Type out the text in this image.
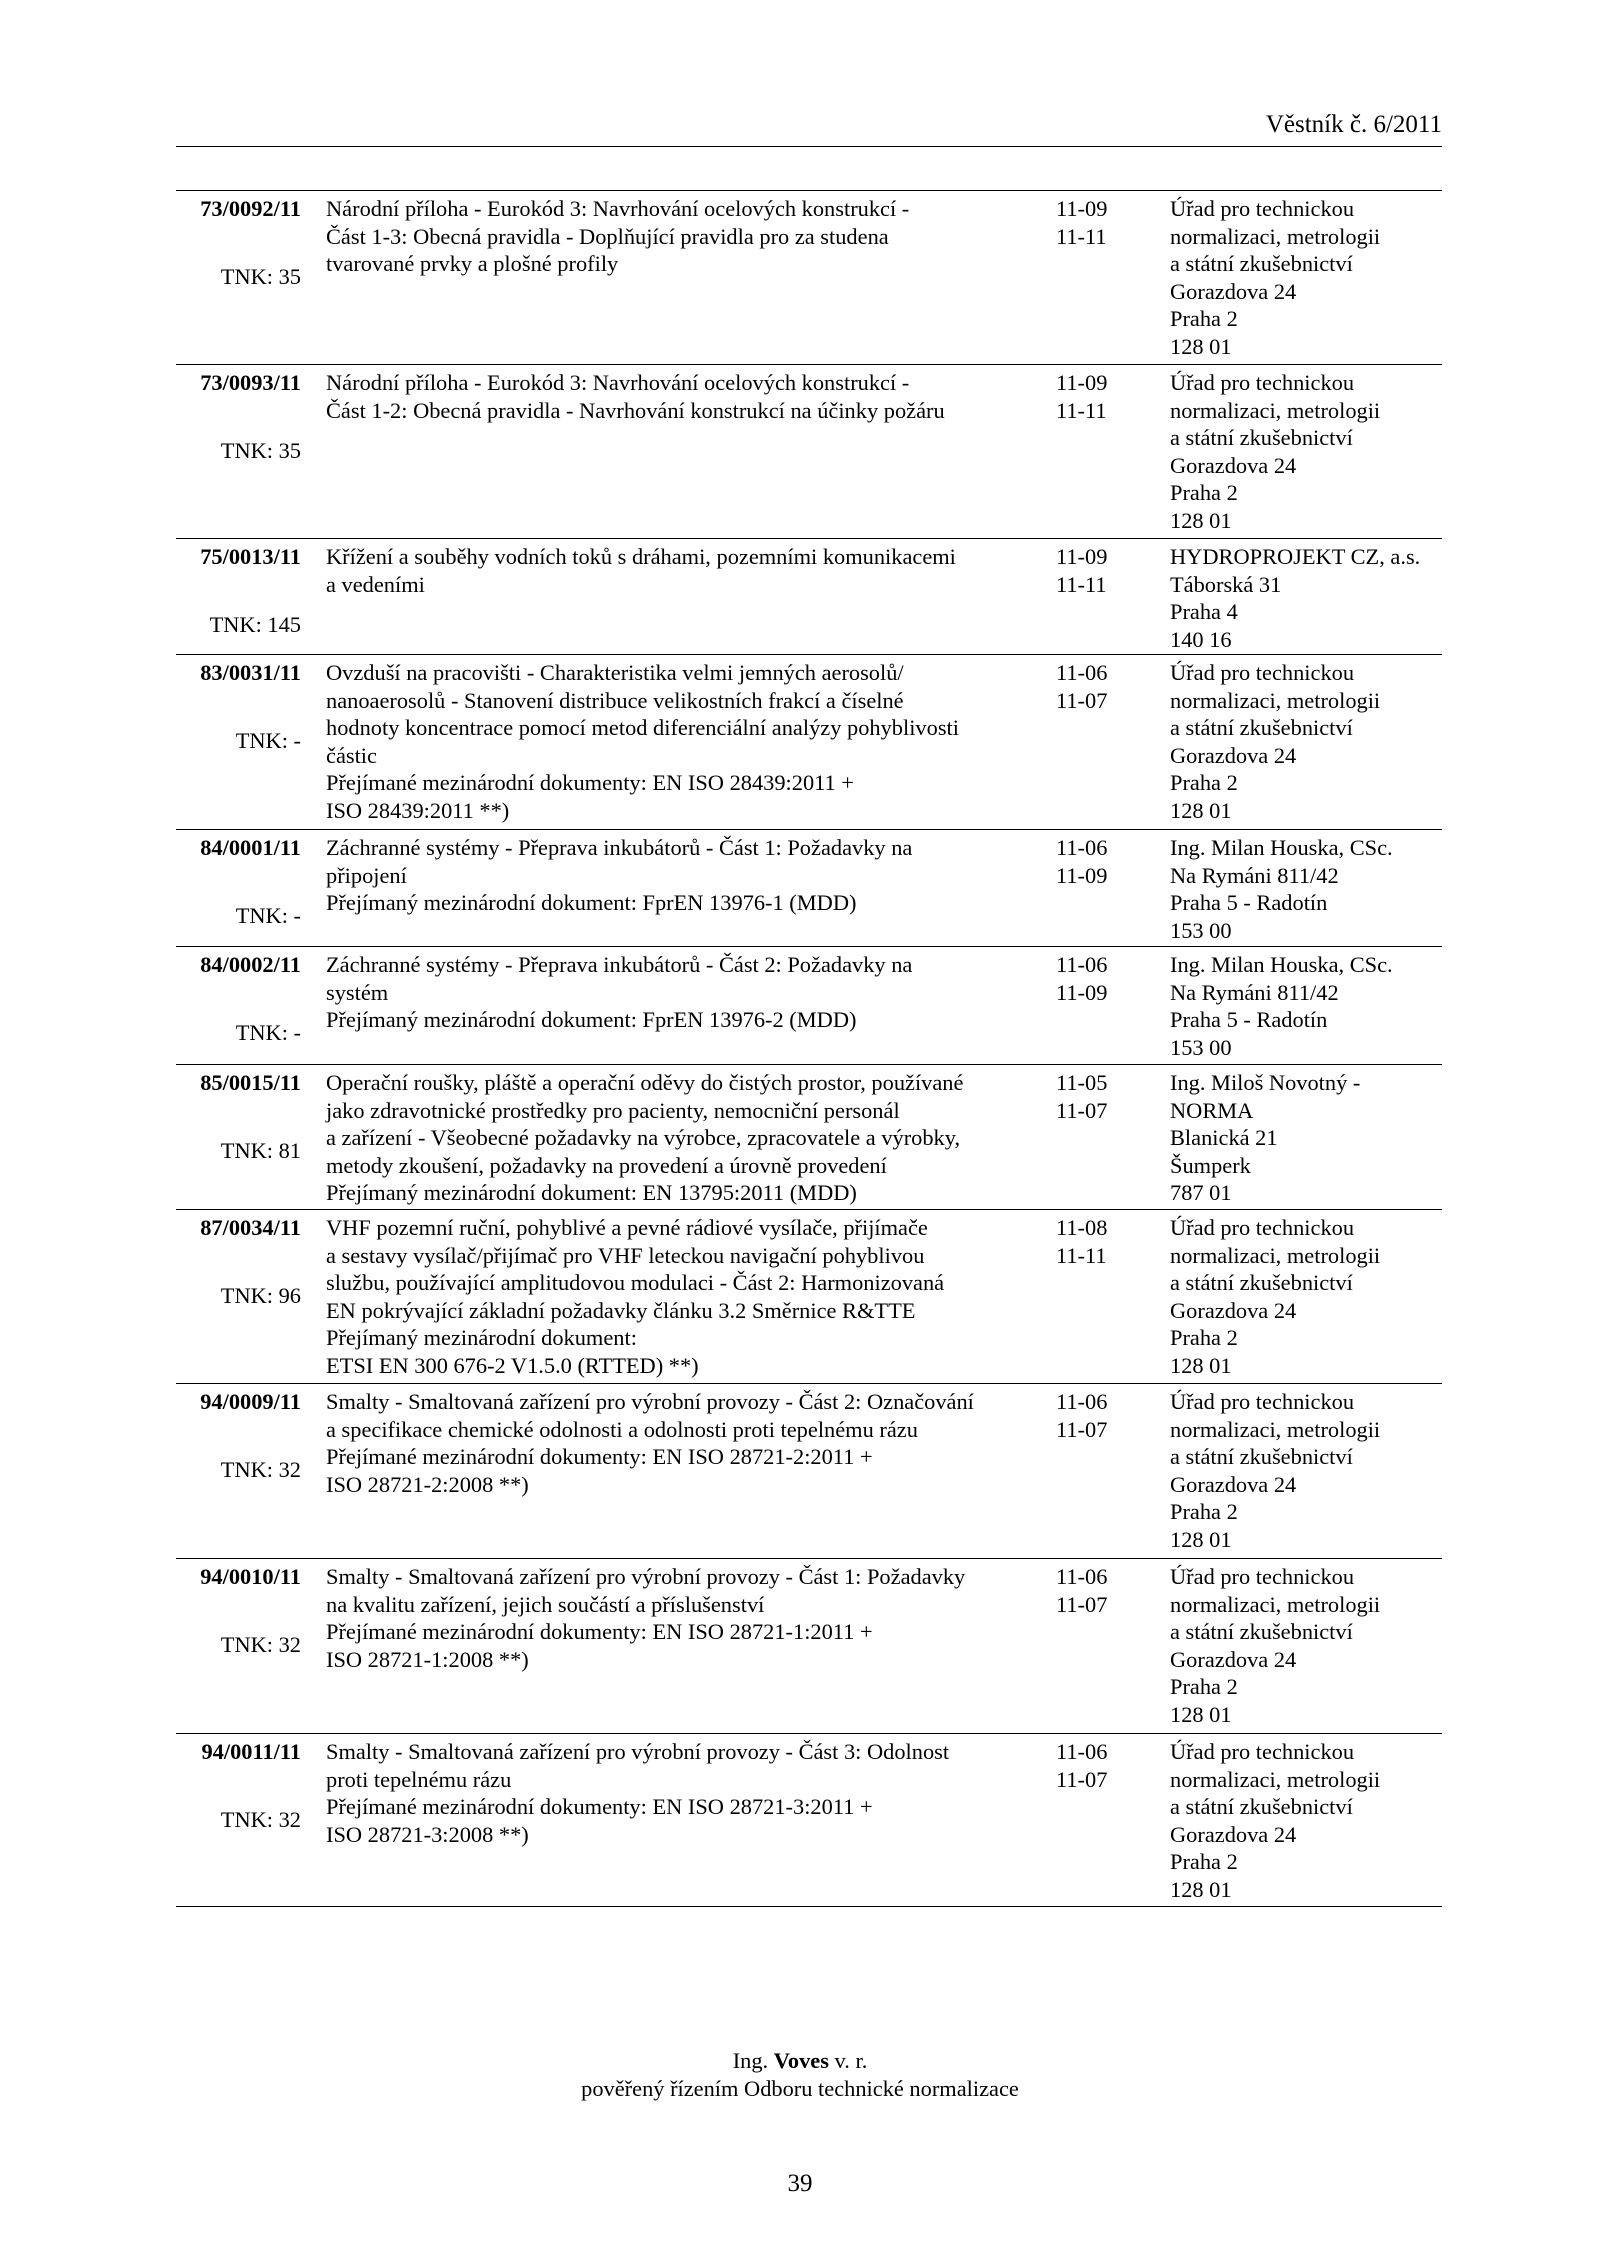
Věstník č. 6/2011
73/0092/11
TNK: 35
Národní příloha - Eurokód 3: Navrhování ocelových konstrukcí -
Část 1-3: Obecná pravidla - Doplňující pravidla pro za studena
tvarované prvky a plošné profily
11-09
11-11
Úřad pro technickou
normalizaci, metrologii
a státní zkušebnictví
Gorazdova 24
Praha 2
128 01
73/0093/11
TNK: 35
Národní příloha - Eurokód 3: Navrhování ocelových konstrukcí -
Část 1-2: Obecná pravidla - Navrhování konstrukcí na účinky požáru
11-09
11-11
Úřad pro technickou
normalizaci, metrologii
a státní zkušebnictví
Gorazdova 24
Praha 2
128 01
75/0013/11
TNK: 145
Křížení a souběhy vodních toků s dráhami, pozemními komunikacemi
a vedeními
11-09
11-11
HYDROPROJEKT CZ, a.s.
Táborská 31
Praha 4
140 16
83/0031/11
TNK: -
Ovzduší na pracovišti - Charakteristika velmi jemných aerosolů/
nanoaerosolů - Stanovení distribuce velikostních frakcí a číselné
hodnoty koncentrace pomocí metod diferenciální analýzy pohyblivosti
částic
Přejímané mezinárodní dokumenty: EN ISO 28439:2011 +
ISO 28439:2011 **)
11-06
11-07
Úřad pro technickou
normalizaci, metrologii
a státní zkušebnictví
Gorazdova 24
Praha 2
128 01
84/0001/11
TNK: -
Záchranné systémy - Přeprava inkubátorů - Část 1: Požadavky na
připojení
Přejímaný mezinárodní dokument: FprEN 13976-1 (MDD)
11-06
11-09
Ing. Milan Houska, CSc.
Na Rymáni 811/42
Praha 5 - Radotín
153 00
84/0002/11
TNK: -
Záchranné systémy - Přeprava inkubátorů - Část 2: Požadavky na
systém
Přejímaný mezinárodní dokument: FprEN 13976-2 (MDD)
11-06
11-09
Ing. Milan Houska, CSc.
Na Rymáni 811/42
Praha 5 - Radotín
153 00
85/0015/11
TNK: 81
Operační roušky, pláště a operační oděvy do čistých prostor, používané
jako zdravotnické prostředky pro pacienty, nemocniční personál
a zařízení - Všeobecné požadavky na výrobce, zpracovatele a výrobky,
metody zkoušení, požadavky na provedení a úrovně provedení
Přejímaný mezinárodní dokument: EN 13795:2011 (MDD)
11-05
11-07
Ing. Miloš Novotný -
NORMA
Blanická 21
Šumperk
787 01
87/0034/11
TNK: 96
VHF pozemní ruční, pohyblivé a pevné rádiové vysílače, přijímače
a sestavy vysílač/přijímač pro VHF leteckou navigační pohyblivou
službu, používající amplitudovou modulaci - Část 2: Harmonizovaná
EN pokrývající základní požadavky článku 3.2 Směrnice R&TTE
Přejímaný mezinárodní dokument:
ETSI EN 300 676-2 V1.5.0 (RTTED) **)
11-08
11-11
Úřad pro technickou
normalizaci, metrologii
a státní zkušebnictví
Gorazdova 24
Praha 2
128 01
94/0009/11
TNK: 32
Smalty - Smaltovaná zařízení pro výrobní provozy - Část 2: Označování
a specifikace chemické odolnosti a odolnosti proti tepelnému rázu
Přejímané mezinárodní dokumenty: EN ISO 28721-2:2011 +
ISO 28721-2:2008 **)
11-06
11-07
Úřad pro technickou
normalizaci, metrologii
a státní zkušebnictví
Gorazdova 24
Praha 2
128 01
94/0010/11
TNK: 32
Smalty - Smaltovaná zařízení pro výrobní provozy - Část 1: Požadavky
na kvalitu zařízení, jejich součástí a příslušenství
Přejímané mezinárodní dokumenty: EN ISO 28721-1:2011 +
ISO 28721-1:2008 **)
11-06
11-07
Úřad pro technickou
normalizaci, metrologii
a státní zkušebnictví
Gorazdova 24
Praha 2
128 01
94/0011/11
TNK: 32
Smalty - Smaltovaná zařízení pro výrobní provozy - Část 3: Odolnost
proti tepelnému rázu
Přejímané mezinárodní dokumenty: EN ISO 28721-3:2011 +
ISO 28721-3:2008 **)
11-06
11-07
Úřad pro technickou
normalizaci, metrologii
a státní zkušebnictví
Gorazdova 24
Praha 2
128 01
Ing. Voves v. r.
pověřený řízením Odboru technické normalizace
39
